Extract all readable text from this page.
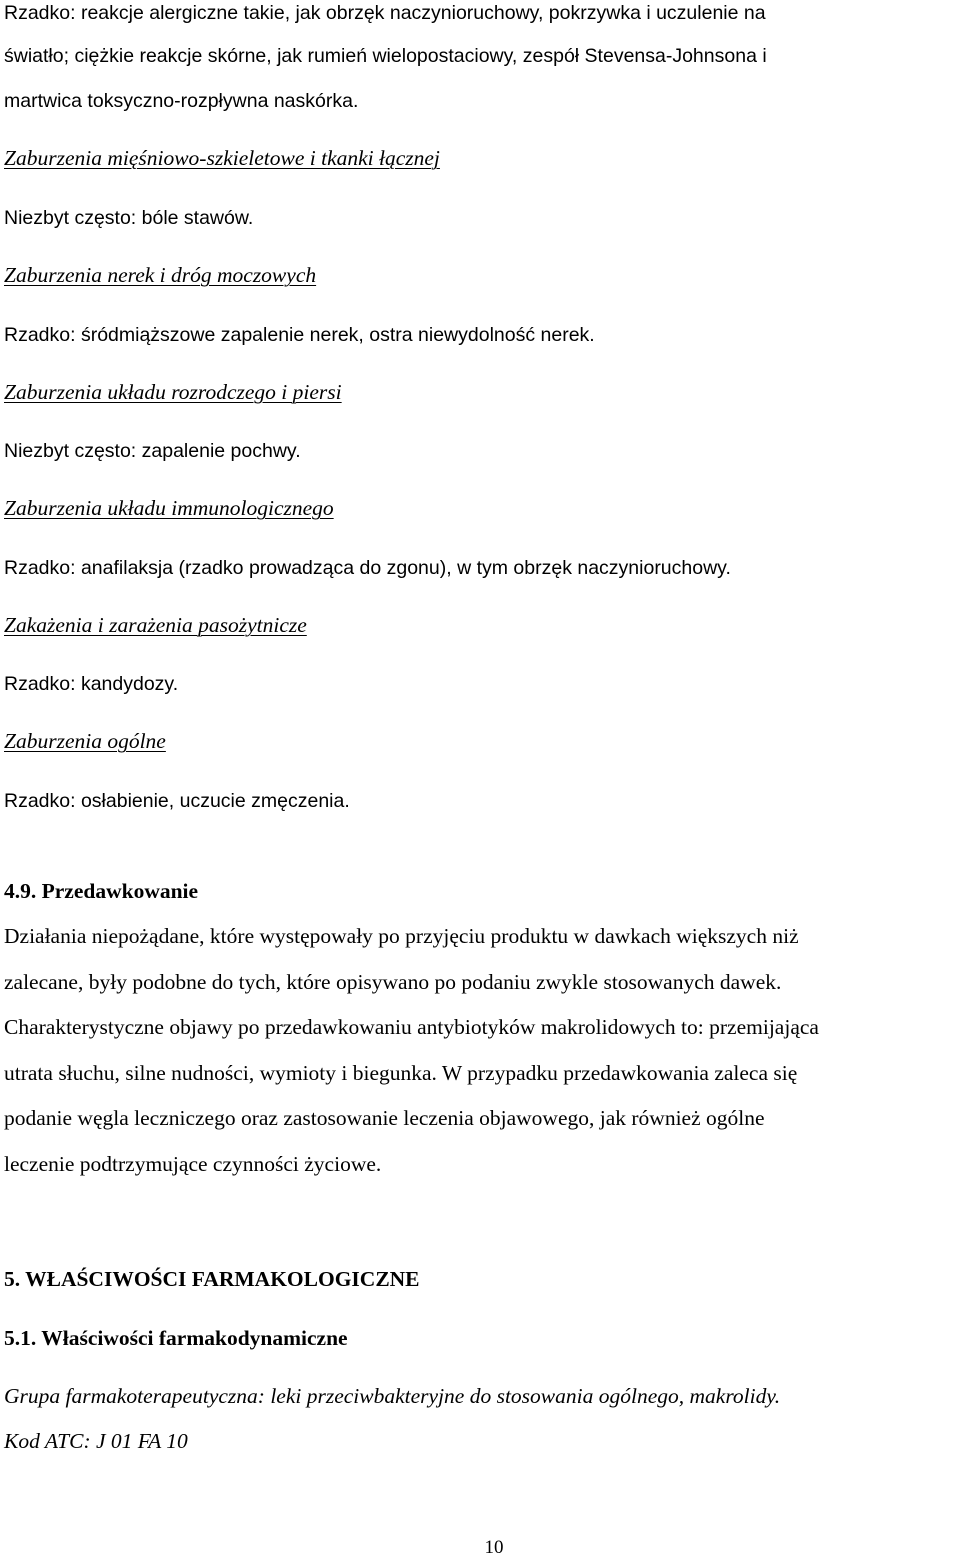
Rzadko: reakcje alergiczne takie, jak obrzęk naczynioruchowy, pokrzywka i uczulenie na

światło; ciężkie reakcje skórne, jak rumień wielopostaciowy, zespół Stevensa-Johnsona i

martwica toksyczno-rozpływna naskórka.

Zaburzenia mięśniowo-szkieletowe i tkanki łącznej

Niezbyt często: bóle stawów.

Zaburzenia nerek i dróg moczowych

Rzadko: śródmiąższowe zapalenie nerek, ostra niewydolność nerek.

Zaburzenia układu rozrodczego i piersi

Niezbyt często: zapalenie pochwy.

Zaburzenia układu immunologicznego

Rzadko: anafilaksja (rzadko prowadząca do zgonu), w tym obrzęk naczynioruchowy.

Zakażenia i zarażenia pasożytnicze

Rzadko: kandydozy.

Zaburzenia ogólne

Rzadko: osłabienie, uczucie zmęczenia.

4.9. Przedawkowanie

Działania niepożądane, które występowały po przyjęciu produktu w dawkach większych niż

zalecane, były podobne do tych, które opisywano po podaniu zwykle stosowanych dawek.

Charakterystyczne objawy po przedawkowaniu antybiotyków makrolidowych to: przemijająca

utrata słuchu, silne nudności, wymioty i biegunka. W przypadku przedawkowania zaleca się

podanie węgla leczniczego oraz zastosowanie leczenia objawowego, jak również ogólne

leczenie podtrzymujące czynności życiowe.

5. WŁAŚCIWOŚCI FARMAKOLOGICZNE

5.1. Właściwości farmakodynamiczne

Grupa farmakoterapeutyczna: leki przeciwbakteryjne do stosowania ogólnego, makrolidy.

Kod ATC: J 01 FA 10

10
